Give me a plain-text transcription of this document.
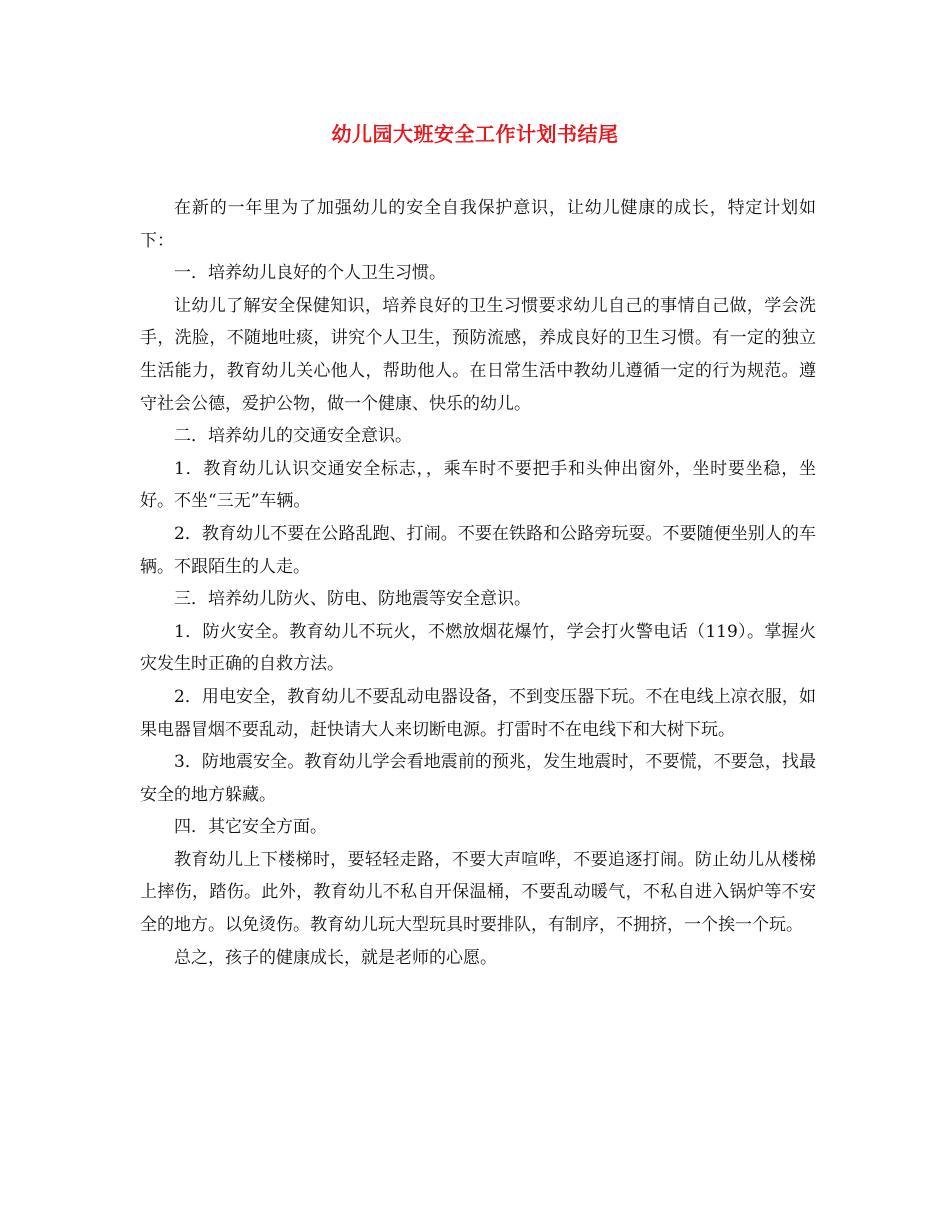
幼儿园大班安全工作计划书结尾

在新的一年里为了加强幼儿的安全自我保护意识，让幼儿健康的成长，特定计划如下：

一．培养幼儿良好的个人卫生习惯。

让幼儿了解安全保健知识，培养良好的卫生习惯要求幼儿自己的事情自己做，学会洗手，洗脸，不随地吐痰，讲究个人卫生，预防流感，养成良好的卫生习惯。有一定的独立生活能力，教育幼儿关心他人，帮助他人。在日常生活中教幼儿遵循一定的行为规范。遵守社会公德，爱护公物，做一个健康、快乐的幼儿。

二．培养幼儿的交通安全意识。

1．教育幼儿认识交通安全标志，，乘车时不要把手和头伸出窗外，坐时要坐稳，坐好。不坐“三无”车辆。

2．教育幼儿不要在公路乱跑、打闹。不要在铁路和公路旁玩耍。不要随便坐别人的车辆。不跟陌生的人走。

三．培养幼儿防火、防电、防地震等安全意识。

1．防火安全。教育幼儿不玩火，不燃放烟花爆竹，学会打火警电话（119）。掌握火灾发生时正确的自救方法。

2．用电安全，教育幼儿不要乱动电器设备，不到变压器下玩。不在电线上凉衣服，如果电器冒烟不要乱动，赶快请大人来切断电源。打雷时不在电线下和大树下玩。

3．防地震安全。教育幼儿学会看地震前的预兆，发生地震时，不要慌，不要急，找最安全的地方躲藏。

四．其它安全方面。

教育幼儿上下楼梯时，要轻轻走路，不要大声喧哗，不要追逐打闹。防止幼儿从楼梯上摔伤，踏伤。此外，教育幼儿不私自开保温桶，不要乱动暖气，不私自进入锅炉等不安全的地方。以免烫伤。教育幼儿玩大型玩具时要排队，有制序，不拥挤，一个挨一个玩。

总之，孩子的健康成长，就是老师的心愿。
